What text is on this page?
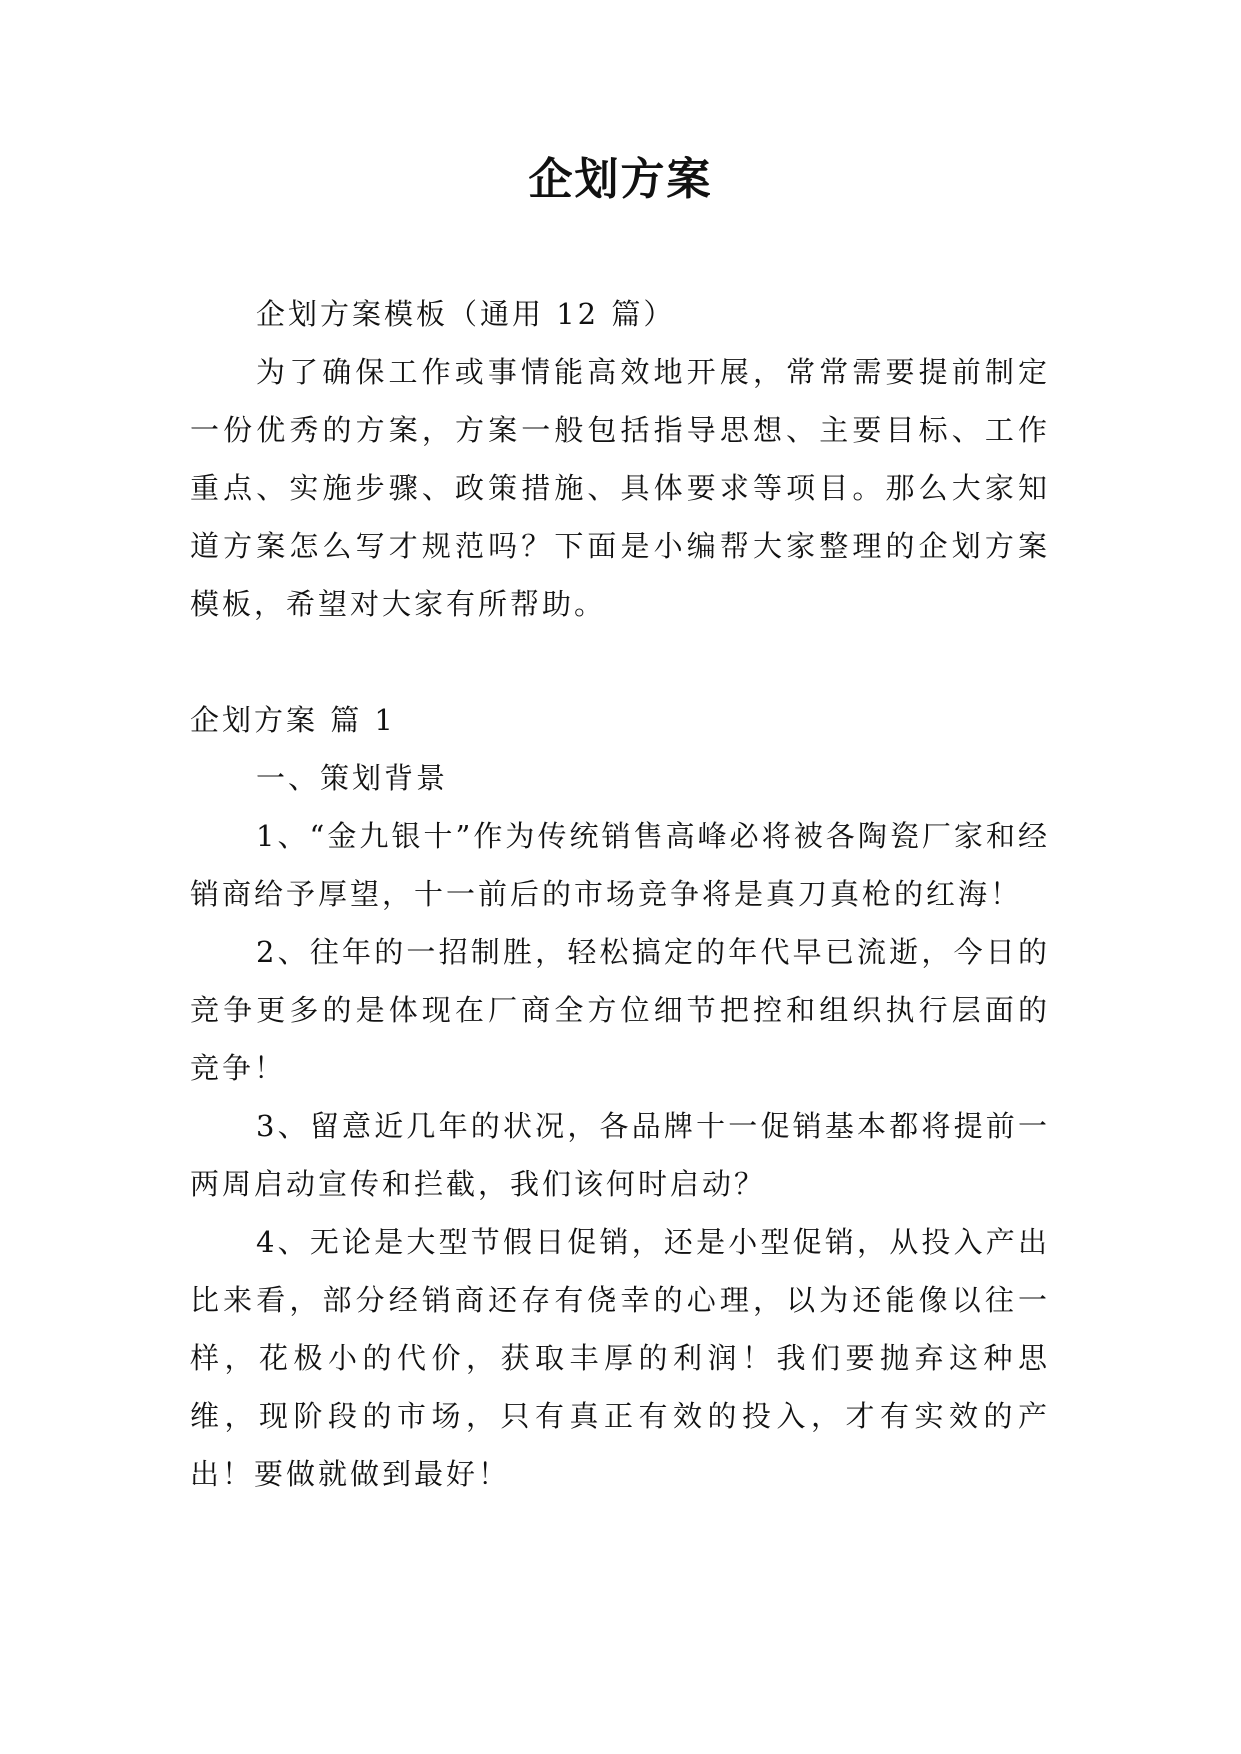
企划方案

企划方案模板（通用 12 篇）

为了确保工作或事情能高效地开展，常常需要提前制定一份优秀的方案，方案一般包括指导思想、主要目标、工作重点、实施步骤、政策措施、具体要求等项目。那么大家知道方案怎么写才规范吗？下面是小编帮大家整理的企划方案模板，希望对大家有所帮助。

企划方案 篇 1

一、策划背景

1、“金九银十”作为传统销售高峰必将被各陶瓷厂家和经销商给予厚望，十一前后的市场竞争将是真刀真枪的红海！

2、往年的一招制胜，轻松搞定的年代早已流逝，今日的竞争更多的是体现在厂商全方位细节把控和组织执行层面的竞争！

3、留意近几年的状况，各品牌十一促销基本都将提前一两周启动宣传和拦截，我们该何时启动？

4、无论是大型节假日促销，还是小型促销，从投入产出比来看，部分经销商还存有侥幸的心理，以为还能像以往一样，花极小的代价，获取丰厚的利润！我们要抛弃这种思维，现阶段的市场，只有真正有效的投入，才有实效的产出！要做就做到最好！
